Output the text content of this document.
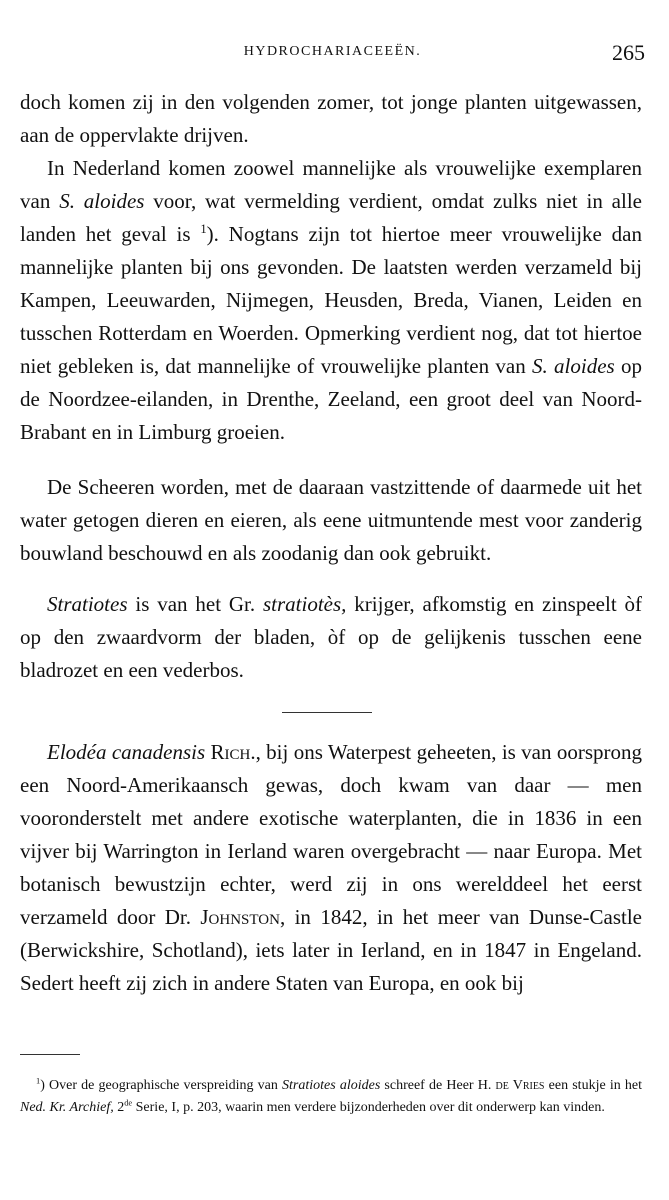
HYDROCHARIACEEËN.	265

doch komen zij in den volgenden zomer, tot jonge planten uitgewassen, aan de oppervlakte drijven.

In Nederland komen zoowel mannelijke als vrouwelijke exemplaren van S. aloides voor, wat vermelding verdient, omdat zulks niet in alle landen het geval is $^1$). Nogtans zijn tot hiertoe meer vrouwelijke dan mannelijke planten bij ons gevonden. De laatsten werden verzameld bij Kampen, Leeuwarden, Nijmegen, Heusden, Breda, Vianen, Leiden en tusschen Rotterdam en Woerden. Opmerking verdient nog, dat tot hiertoe niet gebleken is, dat mannelijke of vrouwelijke planten van S. aloides op de Noordzee-eilanden, in Drenthe, Zeeland, een groot deel van Noord-Brabant en in Limburg groeien.

De Scheeren worden, met de daaraan vastzittende of daarmede uit het water getogen dieren en eieren, als eene uitmuntende mest voor zanderig bouwland beschouwd en als zoodanig dan ook gebruikt.

Stratiotes is van het Gr. stratiotès, krijger, afkomstig en zinspeelt òf op den zwaardvorm der bladen, òf op de gelijkenis tusschen eene bladrozet en een vederbos.

Elodéa canadensis Rich., bij ons Waterpest geheeten, is van oorsprong een Noord-Amerikaansch gewas, doch kwam van daar — men vooronderstelt met andere exotische waterplanten, die in 1836 in een vijver bij Warrington in Ierland waren overgebracht — naar Europa. Met botanisch bewustzijn echter, werd zij in ons werelddeel het eerst verzameld door Dr. Johnston, in 1842, in het meer van Dunse-Castle (Berwickshire, Schotland), iets later in Ierland, en in 1847 in Engeland. Sedert heeft zij zich in andere Staten van Europa, en ook bij

$^1$) Over de geographische verspreiding van Stratiotes aloides schreef de Heer H. de Vries een stukje in het Ned. Kr. Archief, 2de Serie, I, p. 203, waarin men verdere bijzonderheden over dit onderwerp kan vinden.
